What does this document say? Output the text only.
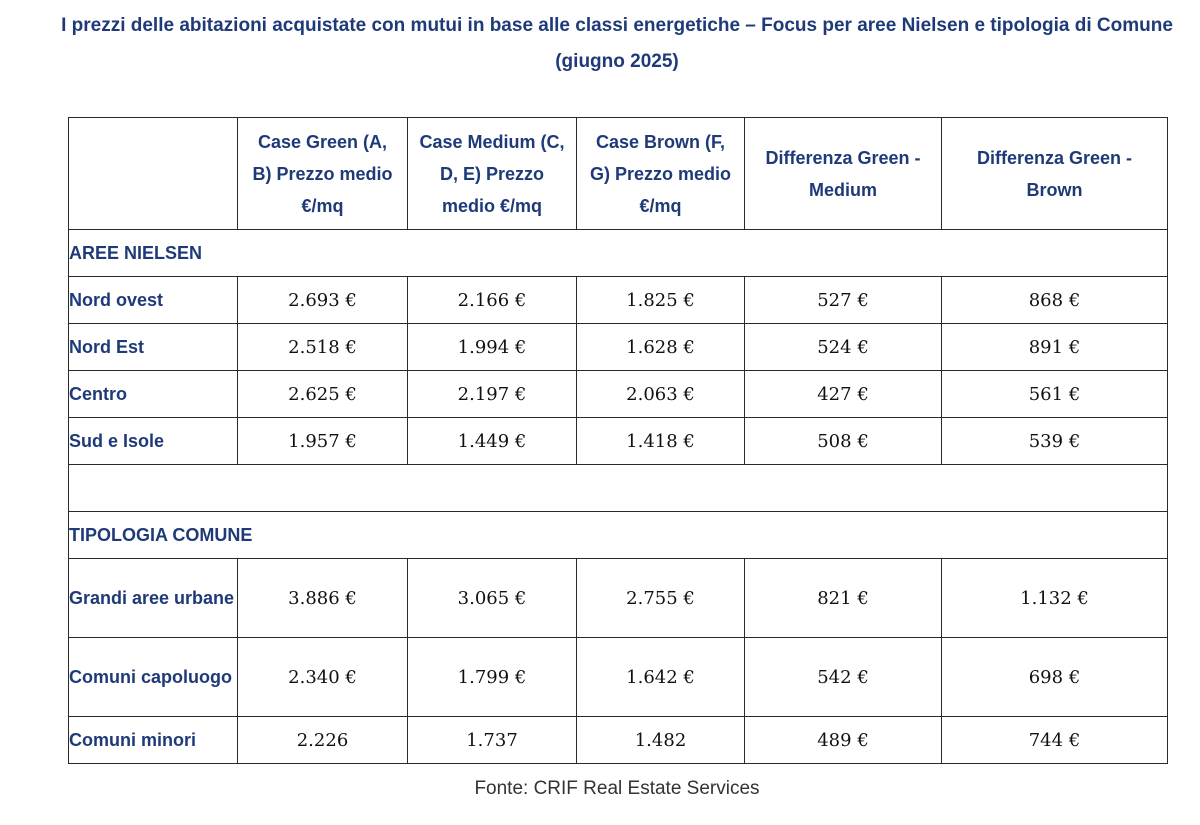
I prezzi delle abitazioni acquistate con mutui in base alle classi energetiche – Focus per aree Nielsen e tipologia di Comune (giugno 2025)
	Case Green (A, B) Prezzo medio €/mq	Case Medium (C, D, E) Prezzo medio €/mq	Case Brown (F, G) Prezzo medio €/mq	Differenza Green - Medium	Differenza Green - Brown
AREE NIELSEN					
Nord ovest	2.693 €	2.166 €	1.825 €	527 €	868 €
Nord Est	2.518 €	1.994 €	1.628 €	524 €	891 €
Centro	2.625 €	2.197 €	2.063 €	427 €	561 €
Sud e Isole	1.957 €	1.449 €	1.418 €	508 €	539 €

TIPOLOGIA COMUNE					
Grandi aree urbane	3.886 €	3.065 €	2.755 €	821 €	1.132 €
Comuni capoluogo	2.340 €	1.799 €	1.642 €	542 €	698 €
Comuni minori	2.226	1.737	1.482	489 €	744 €
Fonte: CRIF Real Estate Services
